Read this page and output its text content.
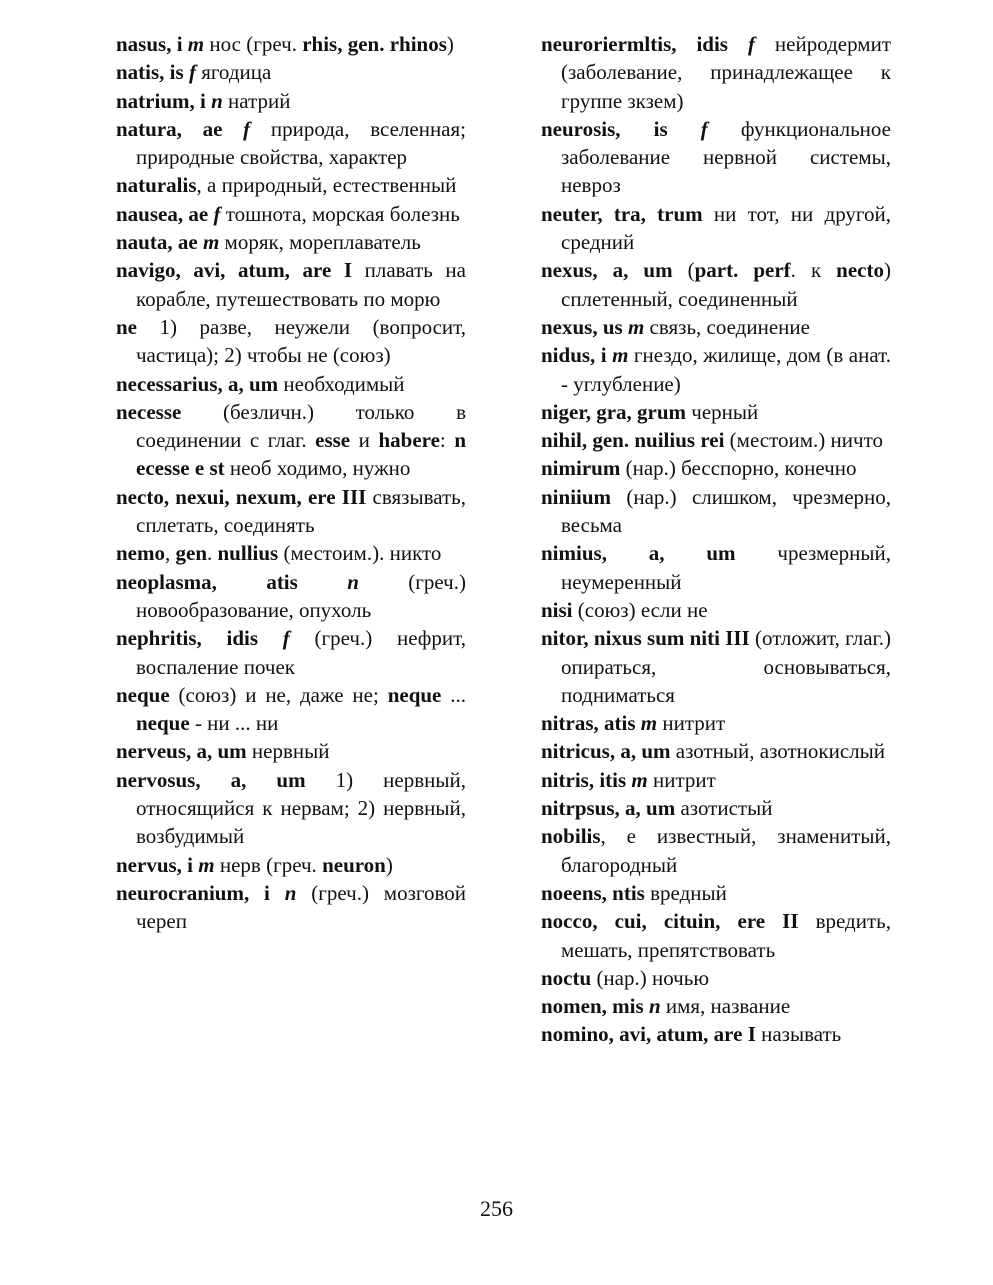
nasus, i m нос (греч. rhis, gen. rhinos)

natis, is f ягодица

natrium, i n натрий

natura, ae f природа, вселенная; природные свойства, характер

naturalis, а природный, естественный

nausea, ae f тошнота, морская болезнь

nauta, ae m моряк, мореплаватель

navigo, avi, atum, are I плавать на корабле, путешествовать по морю

ne 1) разве, неужели (вопросит, частица); 2) чтобы не (союз)

necessarius, a, um необходимый

necesse (безличн.) только в соединении с глаг. esse и habere: n ecesse e st необ ходимо, нужно

necto, nexui, nexum, ere III связывать, сплетать, соединять

nemo, gen. nullius (местоим.). никто

neoplasma, atis n (греч.) новообразование, опухоль

nephritis, idis f (греч.) нефрит, воспаление почек

neque (союз) и не, даже не; neque ... neque - ни ... ни

nerveus, a, um нервный

nervosus, a, um 1) нервный, относящийся к нервам; 2) нервный, возбудимый

nervus, i m нерв (греч. neuron)

neurocranium, i n (греч.) мозговой череп

neuroriermltis, idis f нейродермит (заболевание, принадлежащее к группе зкзем)

neurosis, is f функциональное заболевание нервной системы, невроз

neuter, tra, trum ни тот, ни другой, средний

nexus, a, um (part. perf. к necto) сплетенный, соединенный

nexus, us m связь, соединение

nidus, i m гнездо, жилище, дом (в анат. - углубление)

niger, gra, grum черный

nihil, gen. nuilius rei (местоим.) ничто

nimirum (нар.) бесспорно, конечно

niniium (нар.) слишком, чрезмерно, весьма

nimius, a, um чрезмерный, неумеренный

nisi (союз) если не

nitor, nixus sum niti III (отложит, глаг.) опираться, основываться, подниматься

nitras, atis m нитрит

nitricus, a, um азотный, азотнокислый

nitris, itis m нитрит

nitrpsus, a, um азотистый

nobilis, е известный, знаменитый, благородный

noeens, ntis вредный

nocco, cui, cituin, ere II вредить, мешать, препятствовать

noctu (нар.) ночью

nomen, mis n имя, название

nomino, avi, atum, are I называть

256
